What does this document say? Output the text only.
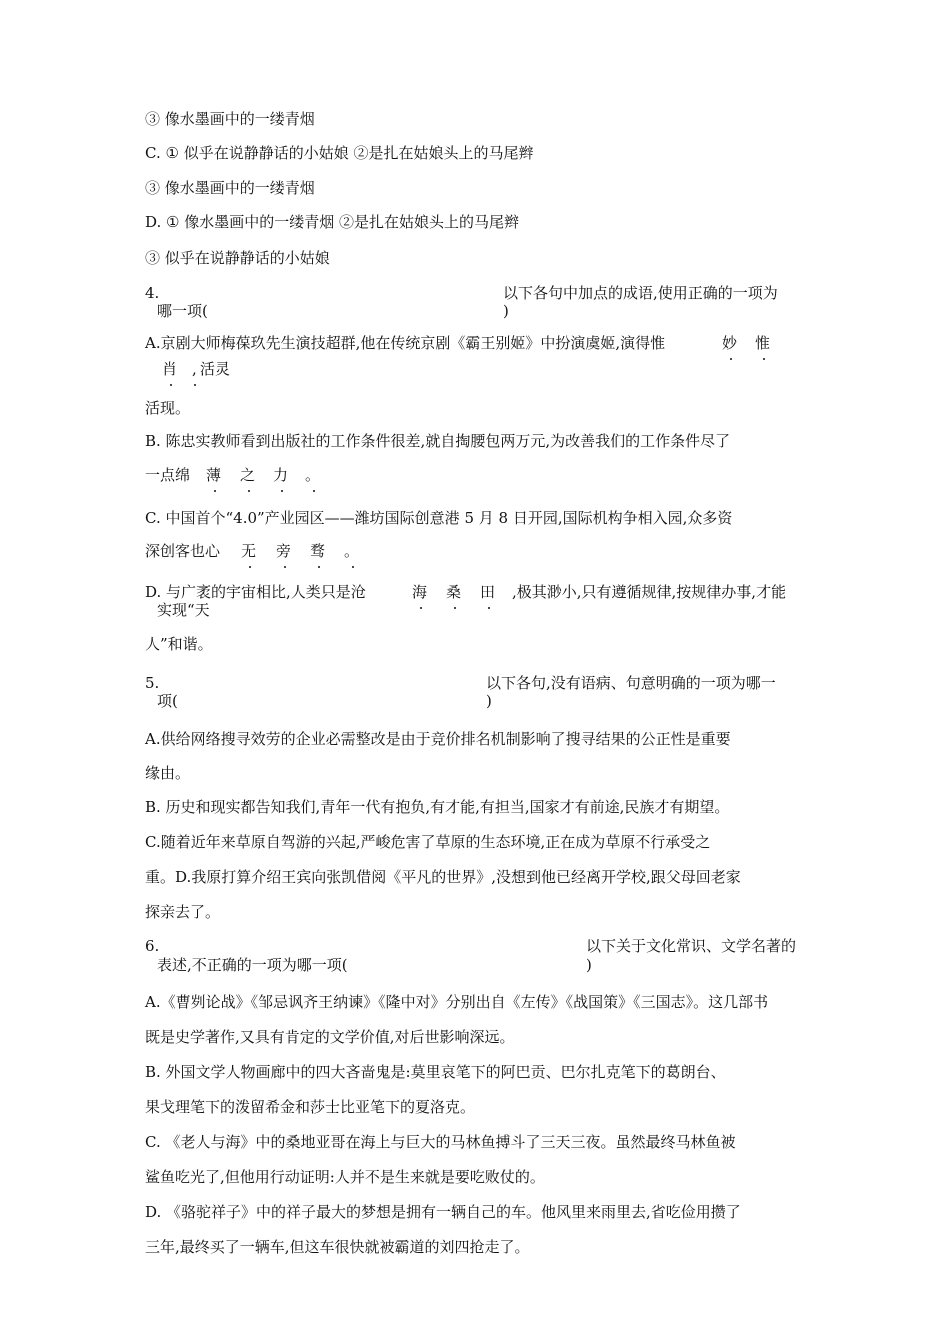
③ 像水墨画中的一缕青烟
C. ① 似乎在说静静话的小姑娘 ②是扎在姑娘头上的马尾辫
③ 像水墨画中的一缕青烟
D. ① 像水墨画中的一缕青烟 ②是扎在姑娘头上的马尾辫
③ 似乎在说静静话的小姑娘
4.	以下各句中加点的成语,使用正确的一项为
哪一项(	)
A.京剧大师梅葆玖先生演技超群,他在传统京剧《霸王别姬》中扮演虞姬,演得惟	妙 惟
肖 , 活灵
活现。
B. 陈忠实教师看到出版社的工作条件很差,就自掏腰包两万元,为改善我们的工作条件尽了
一点绵 薄 之 力 。
C. 中国首个“4.0”产业园区——潍坊国际创意港 5 月 8 日开园,国际机构争相入园,众多资
深创客也心 无 旁 骛 。
D. 与广袤的宇宙相比,人类只是沧	海 桑 田 ,极其渺小,只有遵循规律,按规律办事,才能
实现“天
人”和谐。
5.	以下各句,没有语病、句意明确的一项为哪一
项(	)
A.供给网络搜寻效劳的企业必需整改是由于竞价排名机制影响了搜寻结果的公正性是重要
缘由。
B. 历史和现实都告知我们,青年一代有抱负,有才能,有担当,国家才有前途,民族才有期望。
C.随着近年来草原自驾游的兴起,严峻危害了草原的生态环境,正在成为草原不行承受之
重。D.我原打算介绍王宾向张凯借阅《平凡的世界》,没想到他已经离开学校,跟父母回老家
探亲去了。
6.	以下关于文化常识、文学名著的
表述,不正确的一项为哪一项(	)
A.《曹刿论战》《邹忌讽齐王纳谏》《隆中对》分别出自《左传》《战国策》《三国志》。这几部书
既是史学著作,又具有肯定的文学价值,对后世影响深远。
B. 外国文学人物画廊中的四大吝啬鬼是:莫里哀笔下的阿巴贡、巴尔扎克笔下的葛朗台、
果戈理笔下的泼留希金和莎士比亚笔下的夏洛克。
C. 《老人与海》中的桑地亚哥在海上与巨大的马林鱼搏斗了三天三夜。虽然最终马林鱼被
鲨鱼吃光了,但他用行动证明:人并不是生来就是要吃败仗的。
D. 《骆驼祥子》中的祥子最大的梦想是拥有一辆自己的车。他风里来雨里去,省吃俭用攒了
三年,最终买了一辆车,但这车很快就被霸道的刘四抢走了。
